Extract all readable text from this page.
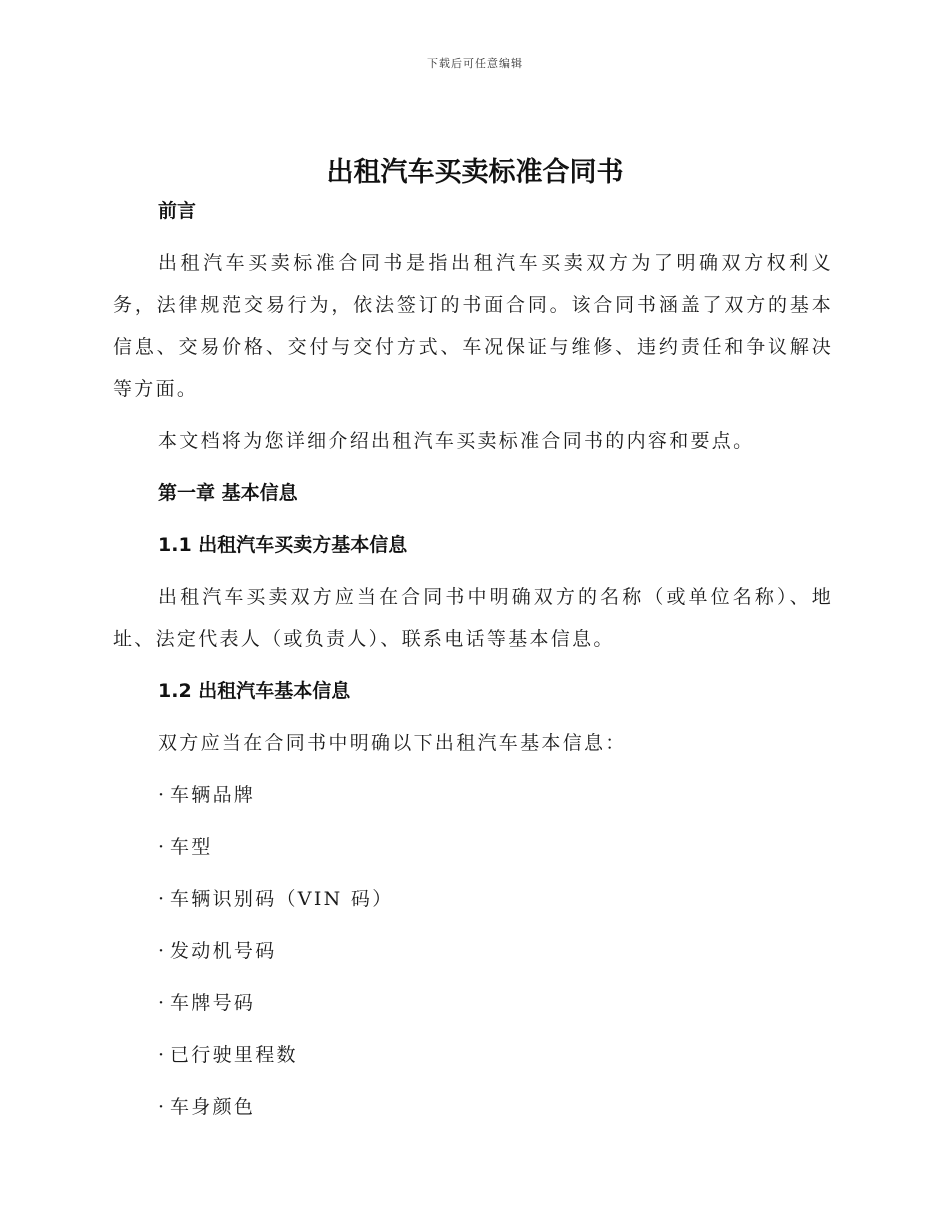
下载后可任意编辑
出租汽车买卖标准合同书
前言

出租汽车买卖标准合同书是指出租汽车买卖双方为了明确双方权利义务，法律规范交易行为，依法签订的书面合同。该合同书涵盖了双方的基本信息、交易价格、交付与交付方式、车况保证与维修、违约责任和争议解决等方面。

本文档将为您详细介绍出租汽车买卖标准合同书的内容和要点。

第一章 基本信息
1.1 出租汽车买卖方基本信息

出租汽车买卖双方应当在合同书中明确双方的名称（或单位名称）、地址、法定代表人（或负责人）、联系电话等基本信息。

1.2 出租汽车基本信息

双方应当在合同书中明确以下出租汽车基本信息：

· 车辆品牌
· 车型
· 车辆识别码（VIN 码）
· 发动机号码
· 车牌号码
· 已行驶里程数
· 车身颜色
